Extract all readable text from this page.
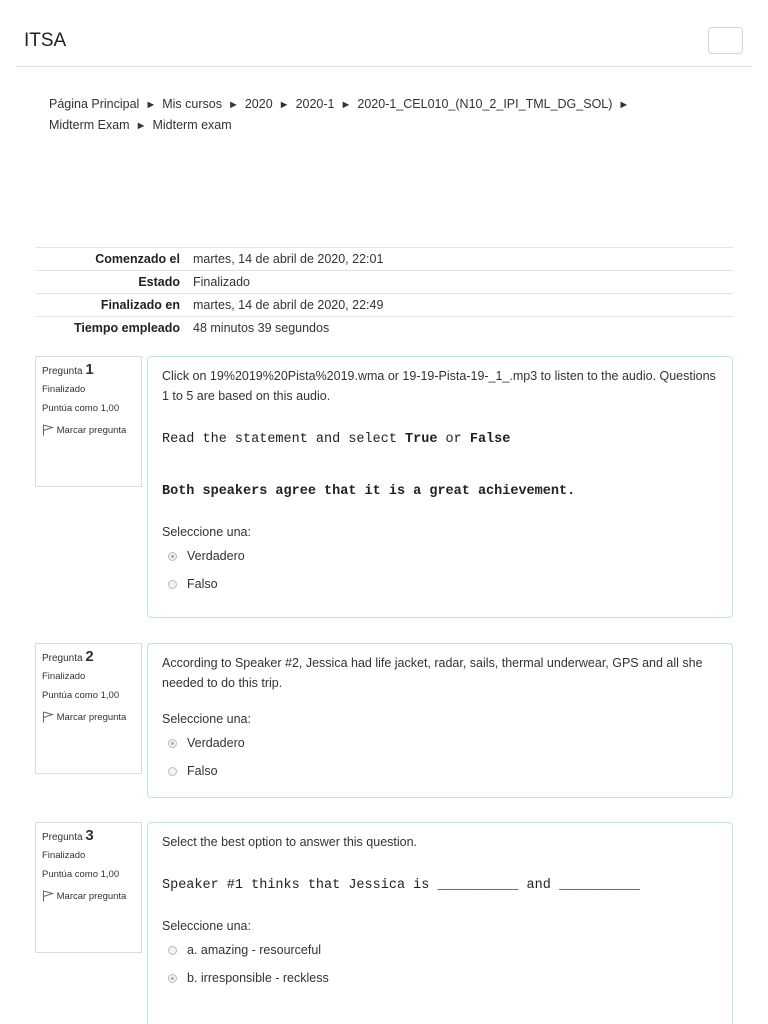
ITSA
Página Principal ► Mis cursos ► 2020 ► 2020-1 ► 2020-1_CEL010_(N10_2_IPI_TML_DG_SOL) ►
Midterm Exam ► Midterm exam
Comenzado el	martes, 14 de abril de 2020, 22:01
Estado	Finalizado
Finalizado en	martes, 14 de abril de 2020, 22:49
Tiempo empleado	48 minutos 39 segundos
Pregunta 1
Finalizado
Puntúa como 1,00
Marcar pregunta

Click on 19%2019%20Pista%2019.wma or 19-19-Pista-19-_1_.mp3 to listen to the audio. Questions 1 to 5 are based on this audio.

Read the statement and select True or False

Both speakers agree that it is a great achievement.

Seleccione una:

Verdadero
Falso
Pregunta 2
Finalizado
Puntúa como 1,00
Marcar pregunta

According to Speaker #2, Jessica had life jacket, radar, sails, thermal underwear, GPS and all she needed to do this trip.

Seleccione una:

Verdadero
Falso
Pregunta 3
Finalizado
Puntúa como 1,00
Marcar pregunta

Select the best option to answer this question.

Speaker #1 thinks that Jessica is __________ and __________

Seleccione una:

a. amazing - resourceful
b. irresponsible - reckless
